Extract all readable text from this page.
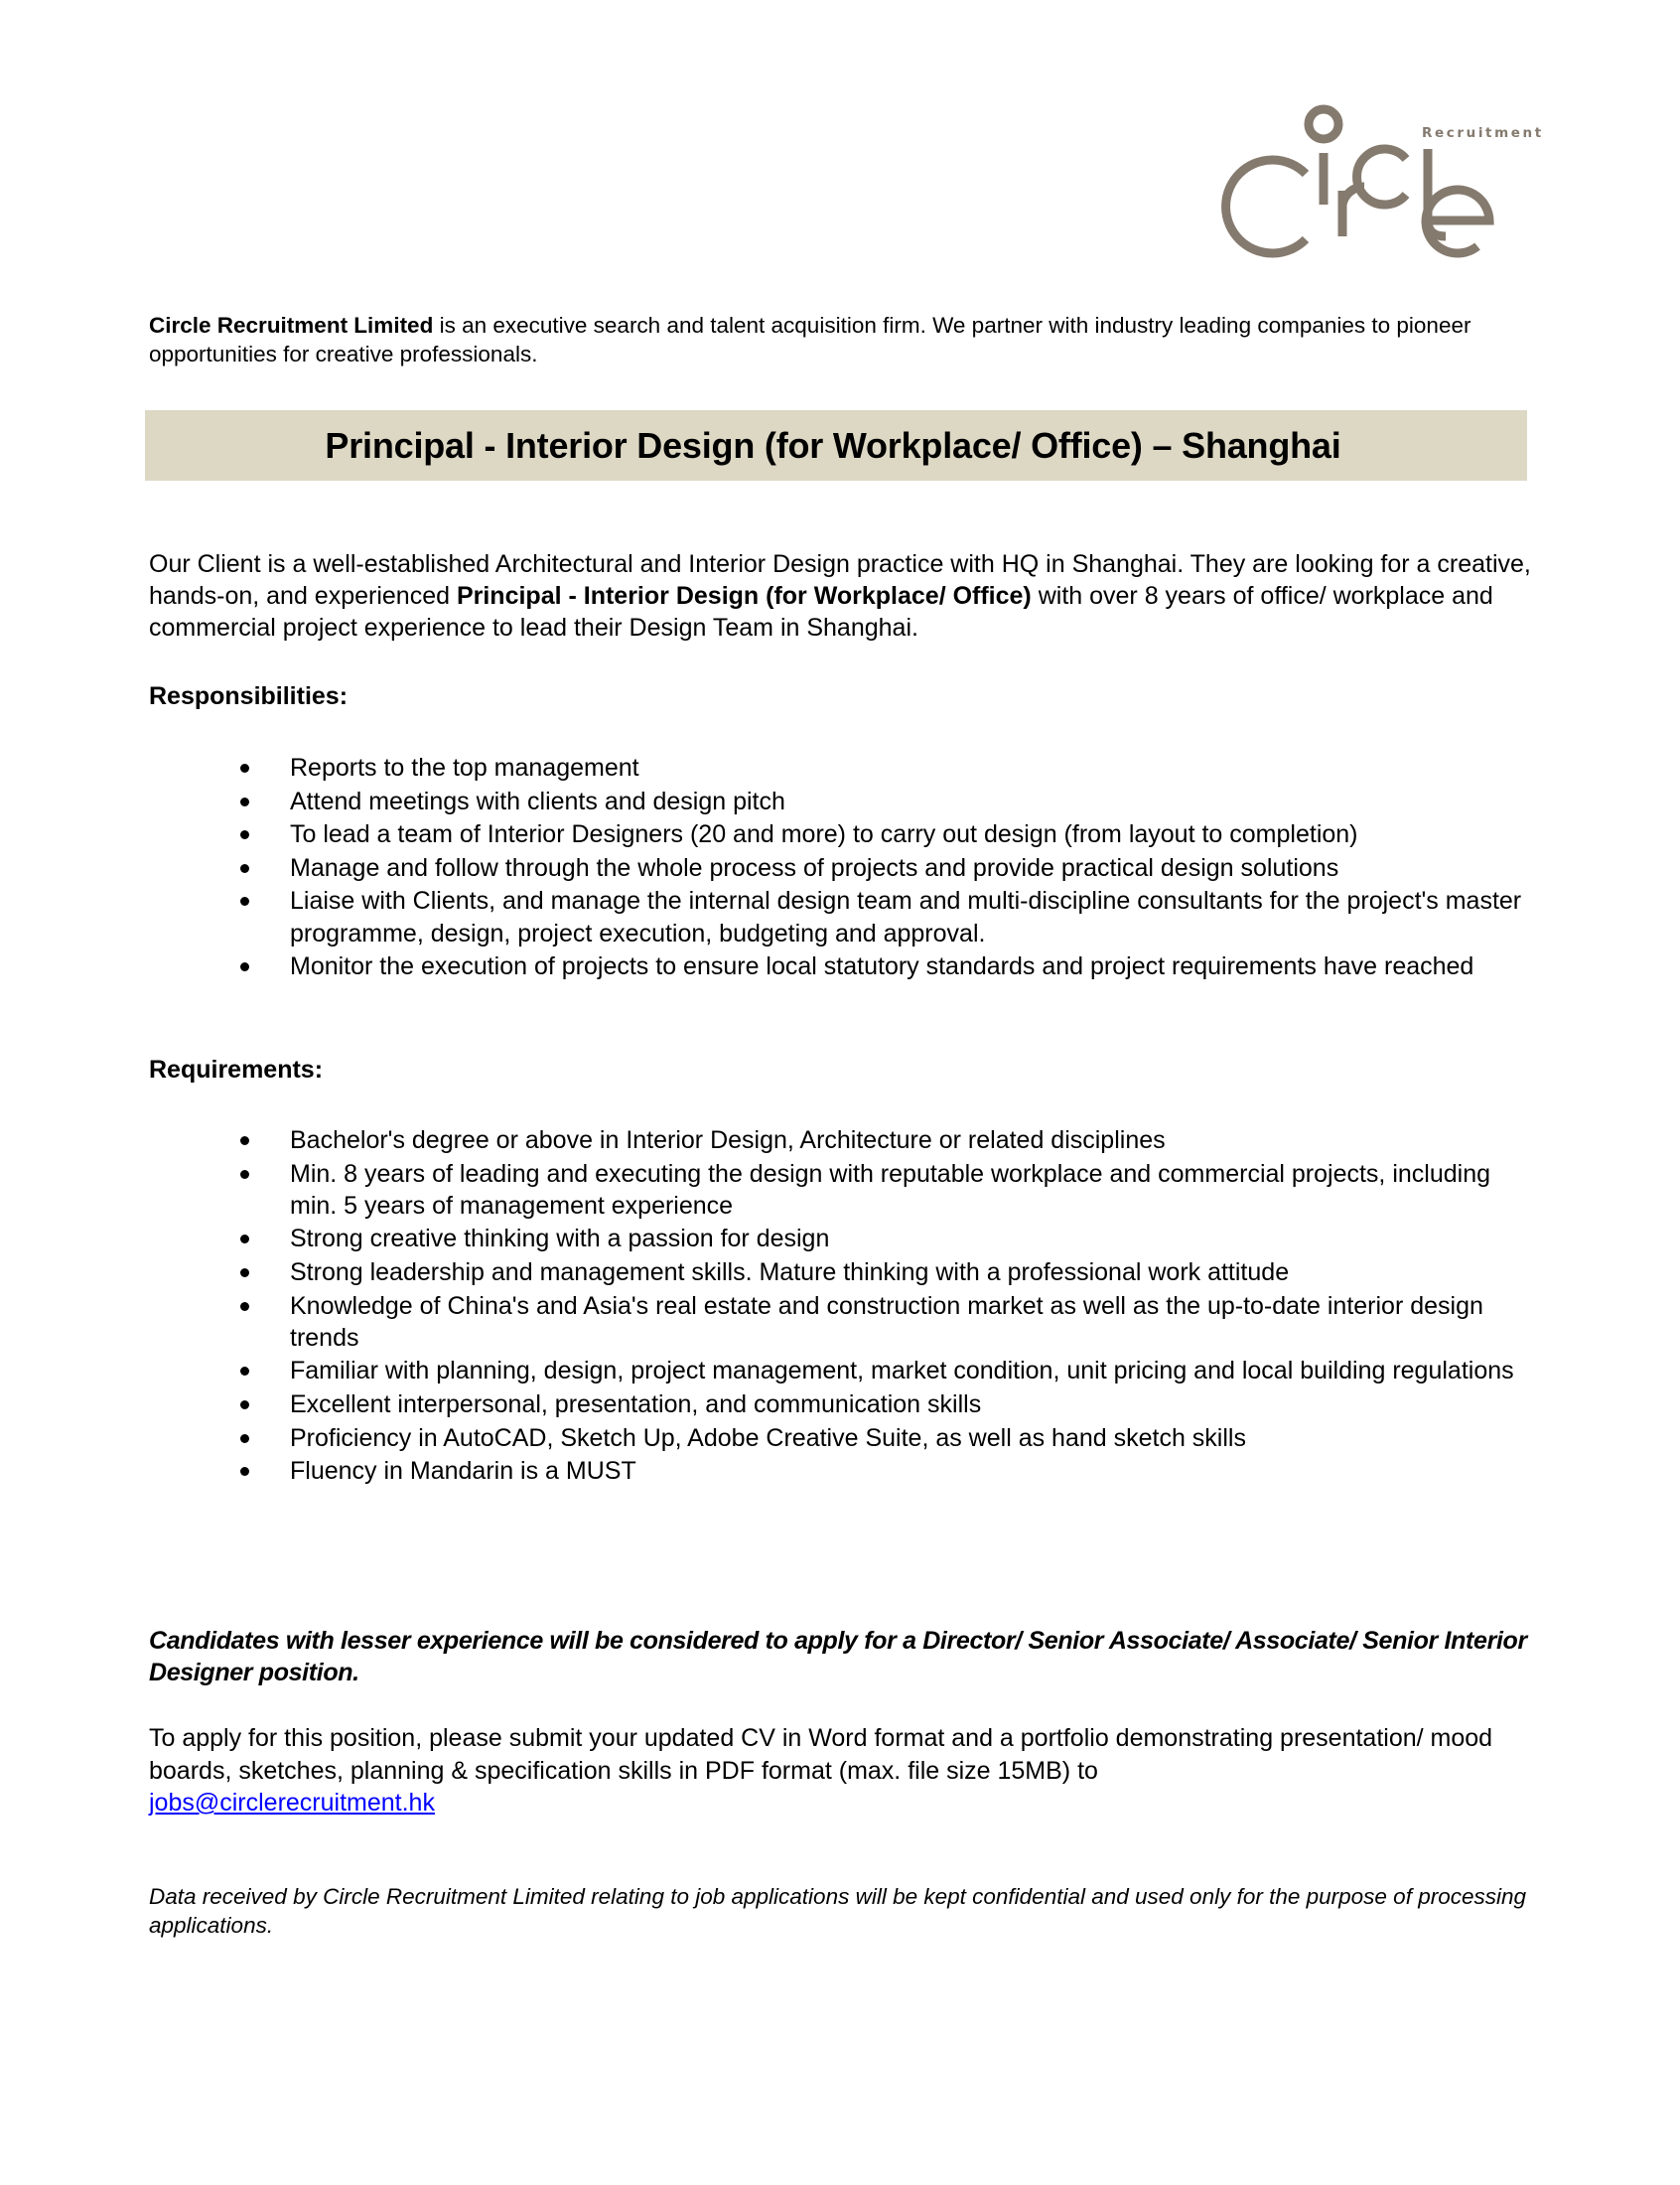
Recruitment
Circle Recruitment Limited is an executive search and talent acquisition firm. We partner with industry leading companies to pioneer opportunities for creative professionals.
Principal - Interior Design (for Workplace/ Office) – Shanghai
Our Client is a well-established Architectural and Interior Design practice with HQ in Shanghai. They are looking for a creative, hands-on, and experienced Principal - Interior Design (for Workplace/ Office) with over 8 years of office/ workplace and commercial project experience to lead their Design Team in Shanghai.
Responsibilities:
Reports to the top management
Attend meetings with clients and design pitch
To lead a team of Interior Designers (20 and more) to carry out design (from layout to completion)
Manage and follow through the whole process of projects and provide practical design solutions
Liaise with Clients, and manage the internal design team and multi-discipline consultants for the project's master programme, design, project execution, budgeting and approval.
Monitor the execution of projects to ensure local statutory standards and project requirements have reached
Requirements:
Bachelor's degree or above in Interior Design, Architecture or related disciplines
Min. 8 years of leading and executing the design with reputable workplace and commercial projects, including min. 5 years of management experience
Strong creative thinking with a passion for design
Strong leadership and management skills. Mature thinking with a professional work attitude
Knowledge of China's and Asia's real estate and construction market as well as the up-to-date interior design trends
Familiar with planning, design, project management, market condition, unit pricing and local building regulations
Excellent interpersonal, presentation, and communication skills
Proficiency in AutoCAD, Sketch Up, Adobe Creative Suite, as well as hand sketch skills
Fluency in Mandarin is a MUST
Candidates with lesser experience will be considered to apply for a Director/ Senior Associate/ Associate/ Senior Interior Designer position.
To apply for this position, please submit your updated CV in Word format and a portfolio demonstrating presentation/ mood boards, sketches, planning & specification skills in PDF format (max. file size 15MB) to
jobs@circlerecruitment.hk
Data received by Circle Recruitment Limited relating to job applications will be kept confidential and used only for the purpose of processing applications.
